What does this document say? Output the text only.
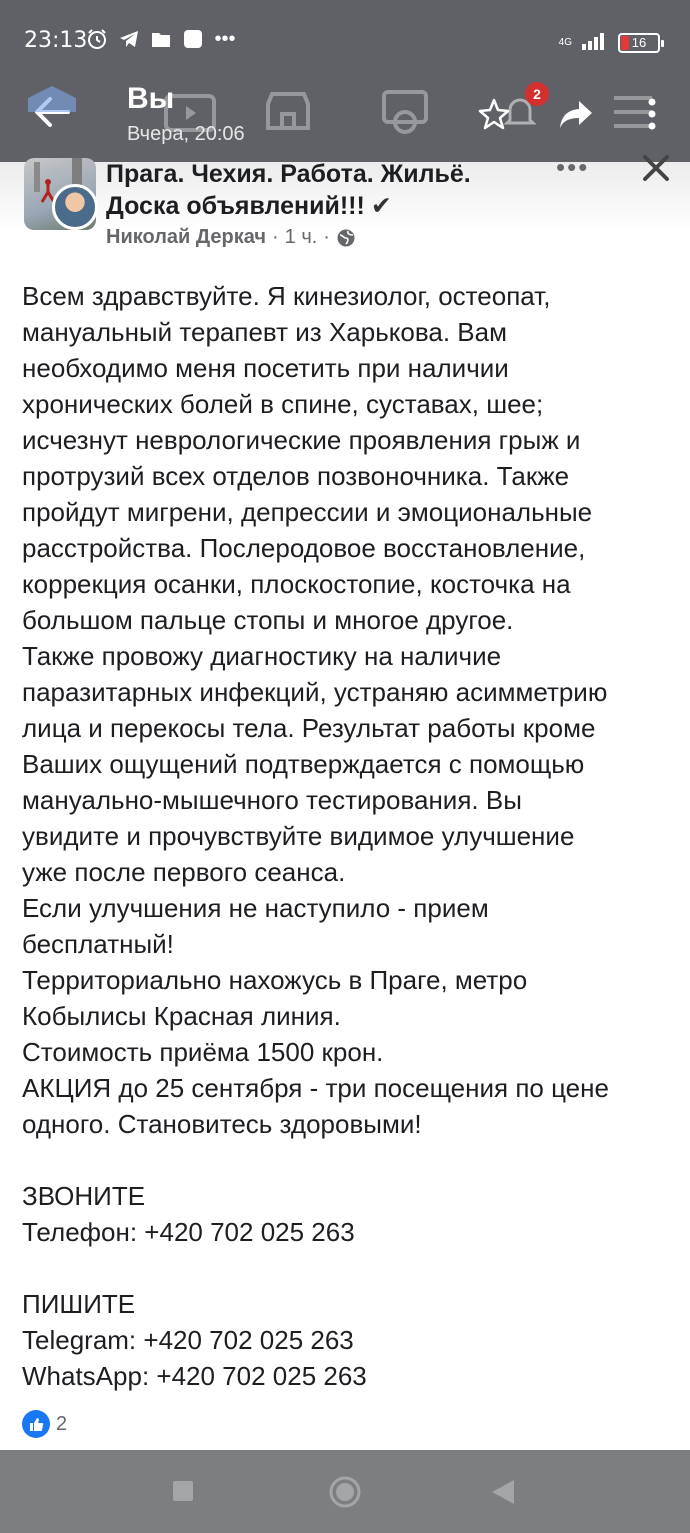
23:13	•••	4G	16
Вы
Вчера, 20:06
2
Прага. Чехия. Работа. Жильё. Доска объявлений!!! ✔
Николай Деркач · 1 ч. ·
•••
Всем здравствуйте. Я кинезиолог, остеопат,
мануальный терапевт из Харькова. Вам
необходимо меня посетить при наличии
хронических болей в спине, суставах, шее;
исчезнут неврологические проявления грыж и
протрузий всех отделов позвоночника. Также
пройдут мигрени, депрессии и эмоциональные
расстройства. Послеродовое восстановление,
коррекция осанки, плоскостопие, косточка на
большом пальце стопы и многое другое.
Также провожу диагностику на наличие
паразитарных инфекций, устраняю асимметрию
лица и перекосы тела. Результат работы кроме
Ваших ощущений подтверждается с помощью
мануально-мышечного тестирования. Вы
увидите и прочувствуйте видимое улучшение
уже после первого сеанса.
Если улучшения не наступило - прием
бесплатный!
Территориально нахожусь в Праге, метро
Кобылисы Красная линия.
Стоимость приёма 1500 крон.
АКЦИЯ до 25 сентября - три посещения по цене
одного. Становитесь здоровыми!

ЗВОНИТЕ
Телефон: +420 702 025 263

ПИШИТЕ
Telegram: +420 702 025 263
WhatsApp: +420 702 025 263
2
